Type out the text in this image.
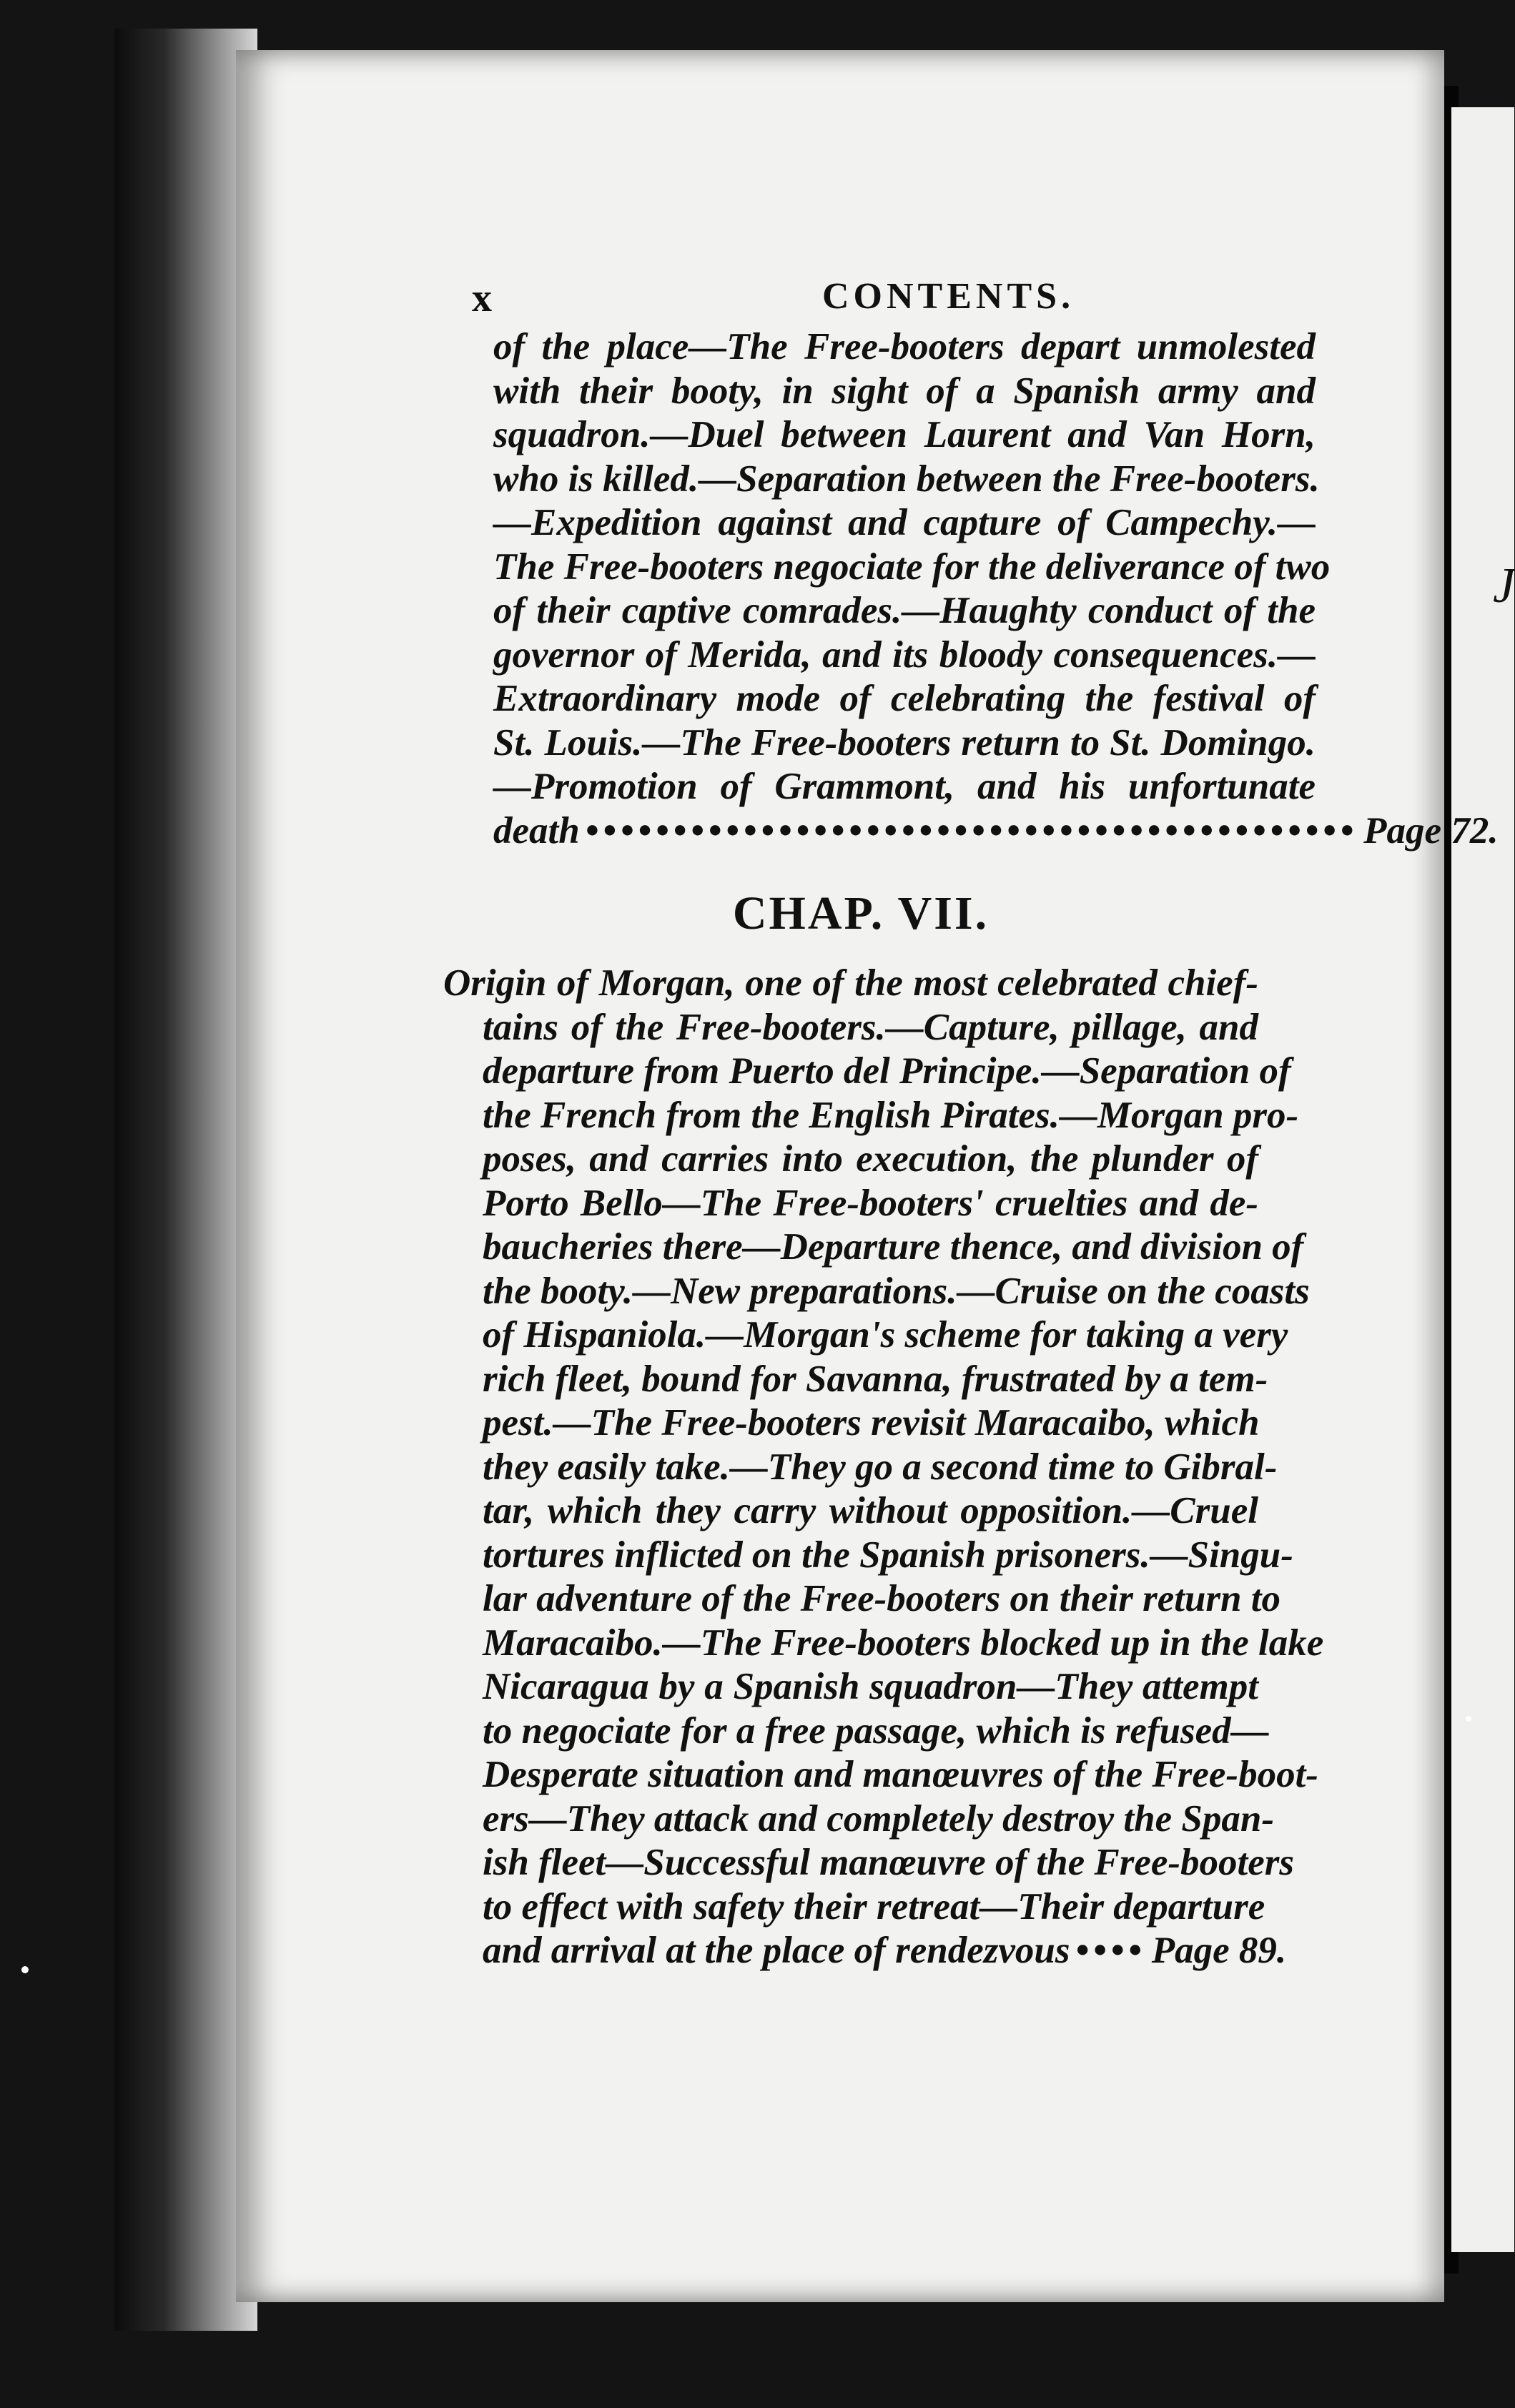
J
x	CONTENTS.
of the place—The Free-booters depart unmolested
with their booty, in sight of a Spanish army and
squadron.—Duel between Laurent and Van Horn,
who is killed.—Separation between the Free-booters.
—Expedition against and capture of Campechy.—
The Free-booters negociate for the deliverance of two
of their captive comrades.—Haughty conduct of the
governor of Merida, and its bloody consequences.—
Extraordinary mode of celebrating the festival of
St. Louis.—The Free-booters return to St. Domingo.
—Promotion of Grammont, and his unfortunate
death •••••••••••••••••••••••••••••••••••••••••••• Page 72.
CHAP. VII.
Origin of Morgan, one of the most celebrated chief-
tains of the Free-booters.—Capture, pillage, and
departure from Puerto del Principe.—Separation of
the French from the English Pirates.—Morgan pro-
poses, and carries into execution, the plunder of
Porto Bello—The Free-booters' cruelties and de-
baucheries there—Departure thence, and division of
the booty.—New preparations.—Cruise on the coasts
of Hispaniola.—Morgan's scheme for taking a very
rich fleet, bound for Savanna, frustrated by a tem-
pest.—The Free-booters revisit Maracaibo, which
they easily take.—They go a second time to Gibral-
tar, which they carry without opposition.—Cruel
tortures inflicted on the Spanish prisoners.—Singu-
lar adventure of the Free-booters on their return to
Maracaibo.—The Free-booters blocked up in the lake
Nicaragua by a Spanish squadron—They attempt
to negociate for a free passage, which is refused—
Desperate situation and manœuvres of the Free-boot-
ers—They attack and completely destroy the Span-
ish fleet—Successful manœuvre of the Free-booters
to effect with safety their retreat—Their departure
and arrival at the place of rendezvous •••• Page 89.
